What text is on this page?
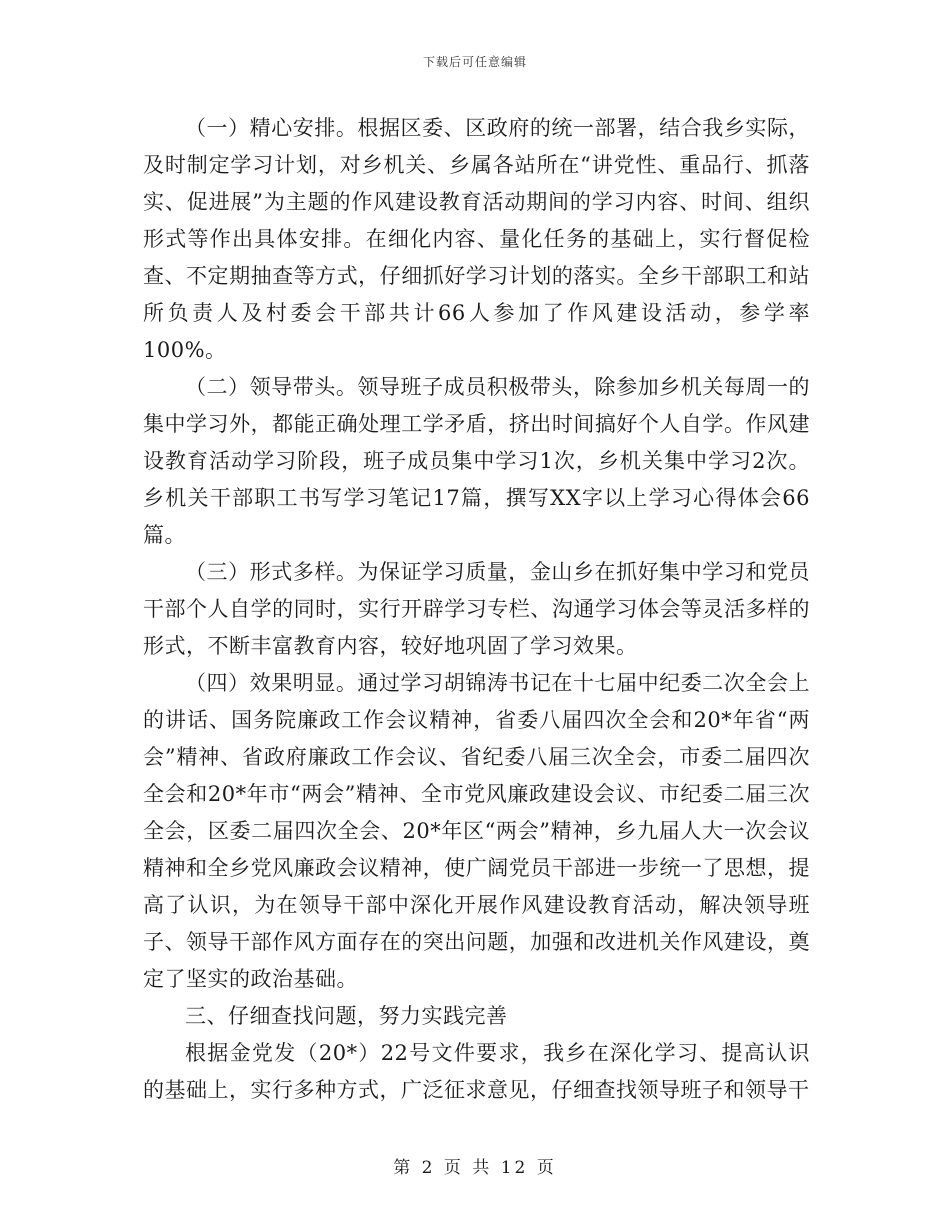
下载后可任意编辑

（一）精心安排。根据区委、区政府的统一部署，结合我乡实际，及时制定学习计划，对乡机关、乡属各站所在“讲党性、重品行、抓落实、促进展”为主题的作风建设教育活动期间的学习内容、时间、组织形式等作出具体安排。在细化内容、量化任务的基础上，实行督促检查、不定期抽查等方式，仔细抓好学习计划的落实。全乡干部职工和站所负责人及村委会干部共计66人参加了作风建设活动，参学率100%。

（二）领导带头。领导班子成员积极带头，除参加乡机关每周一的集中学习外，都能正确处理工学矛盾，挤出时间搞好个人自学。作风建设教育活动学习阶段，班子成员集中学习1次，乡机关集中学习2次。乡机关干部职工书写学习笔记17篇，撰写XX字以上学习心得体会66篇。

（三）形式多样。为保证学习质量，金山乡在抓好集中学习和党员干部个人自学的同时，实行开辟学习专栏、沟通学习体会等灵活多样的形式，不断丰富教育内容，较好地巩固了学习效果。

（四）效果明显。通过学习胡锦涛书记在十七届中纪委二次全会上的讲话、国务院廉政工作会议精神，省委八届四次全会和20*年省“两会”精神、省政府廉政工作会议、省纪委八届三次全会，市委二届四次全会和20*年市“两会”精神、全市党风廉政建设会议、市纪委二届三次全会，区委二届四次全会、20*年区“两会”精神，乡九届人大一次会议精神和全乡党风廉政会议精神，使广阔党员干部进一步统一了思想，提高了认识，为在领导干部中深化开展作风建设教育活动，解决领导班子、领导干部作风方面存在的突出问题，加强和改进机关作风建设，奠定了坚实的政治基础。

三、仔细查找问题，努力实践完善

根据金党发（20*）22号文件要求，我乡在深化学习、提高认识的基础上，实行多种方式，广泛征求意见，仔细查找领导班子和领导干

第 2 页 共 12 页
